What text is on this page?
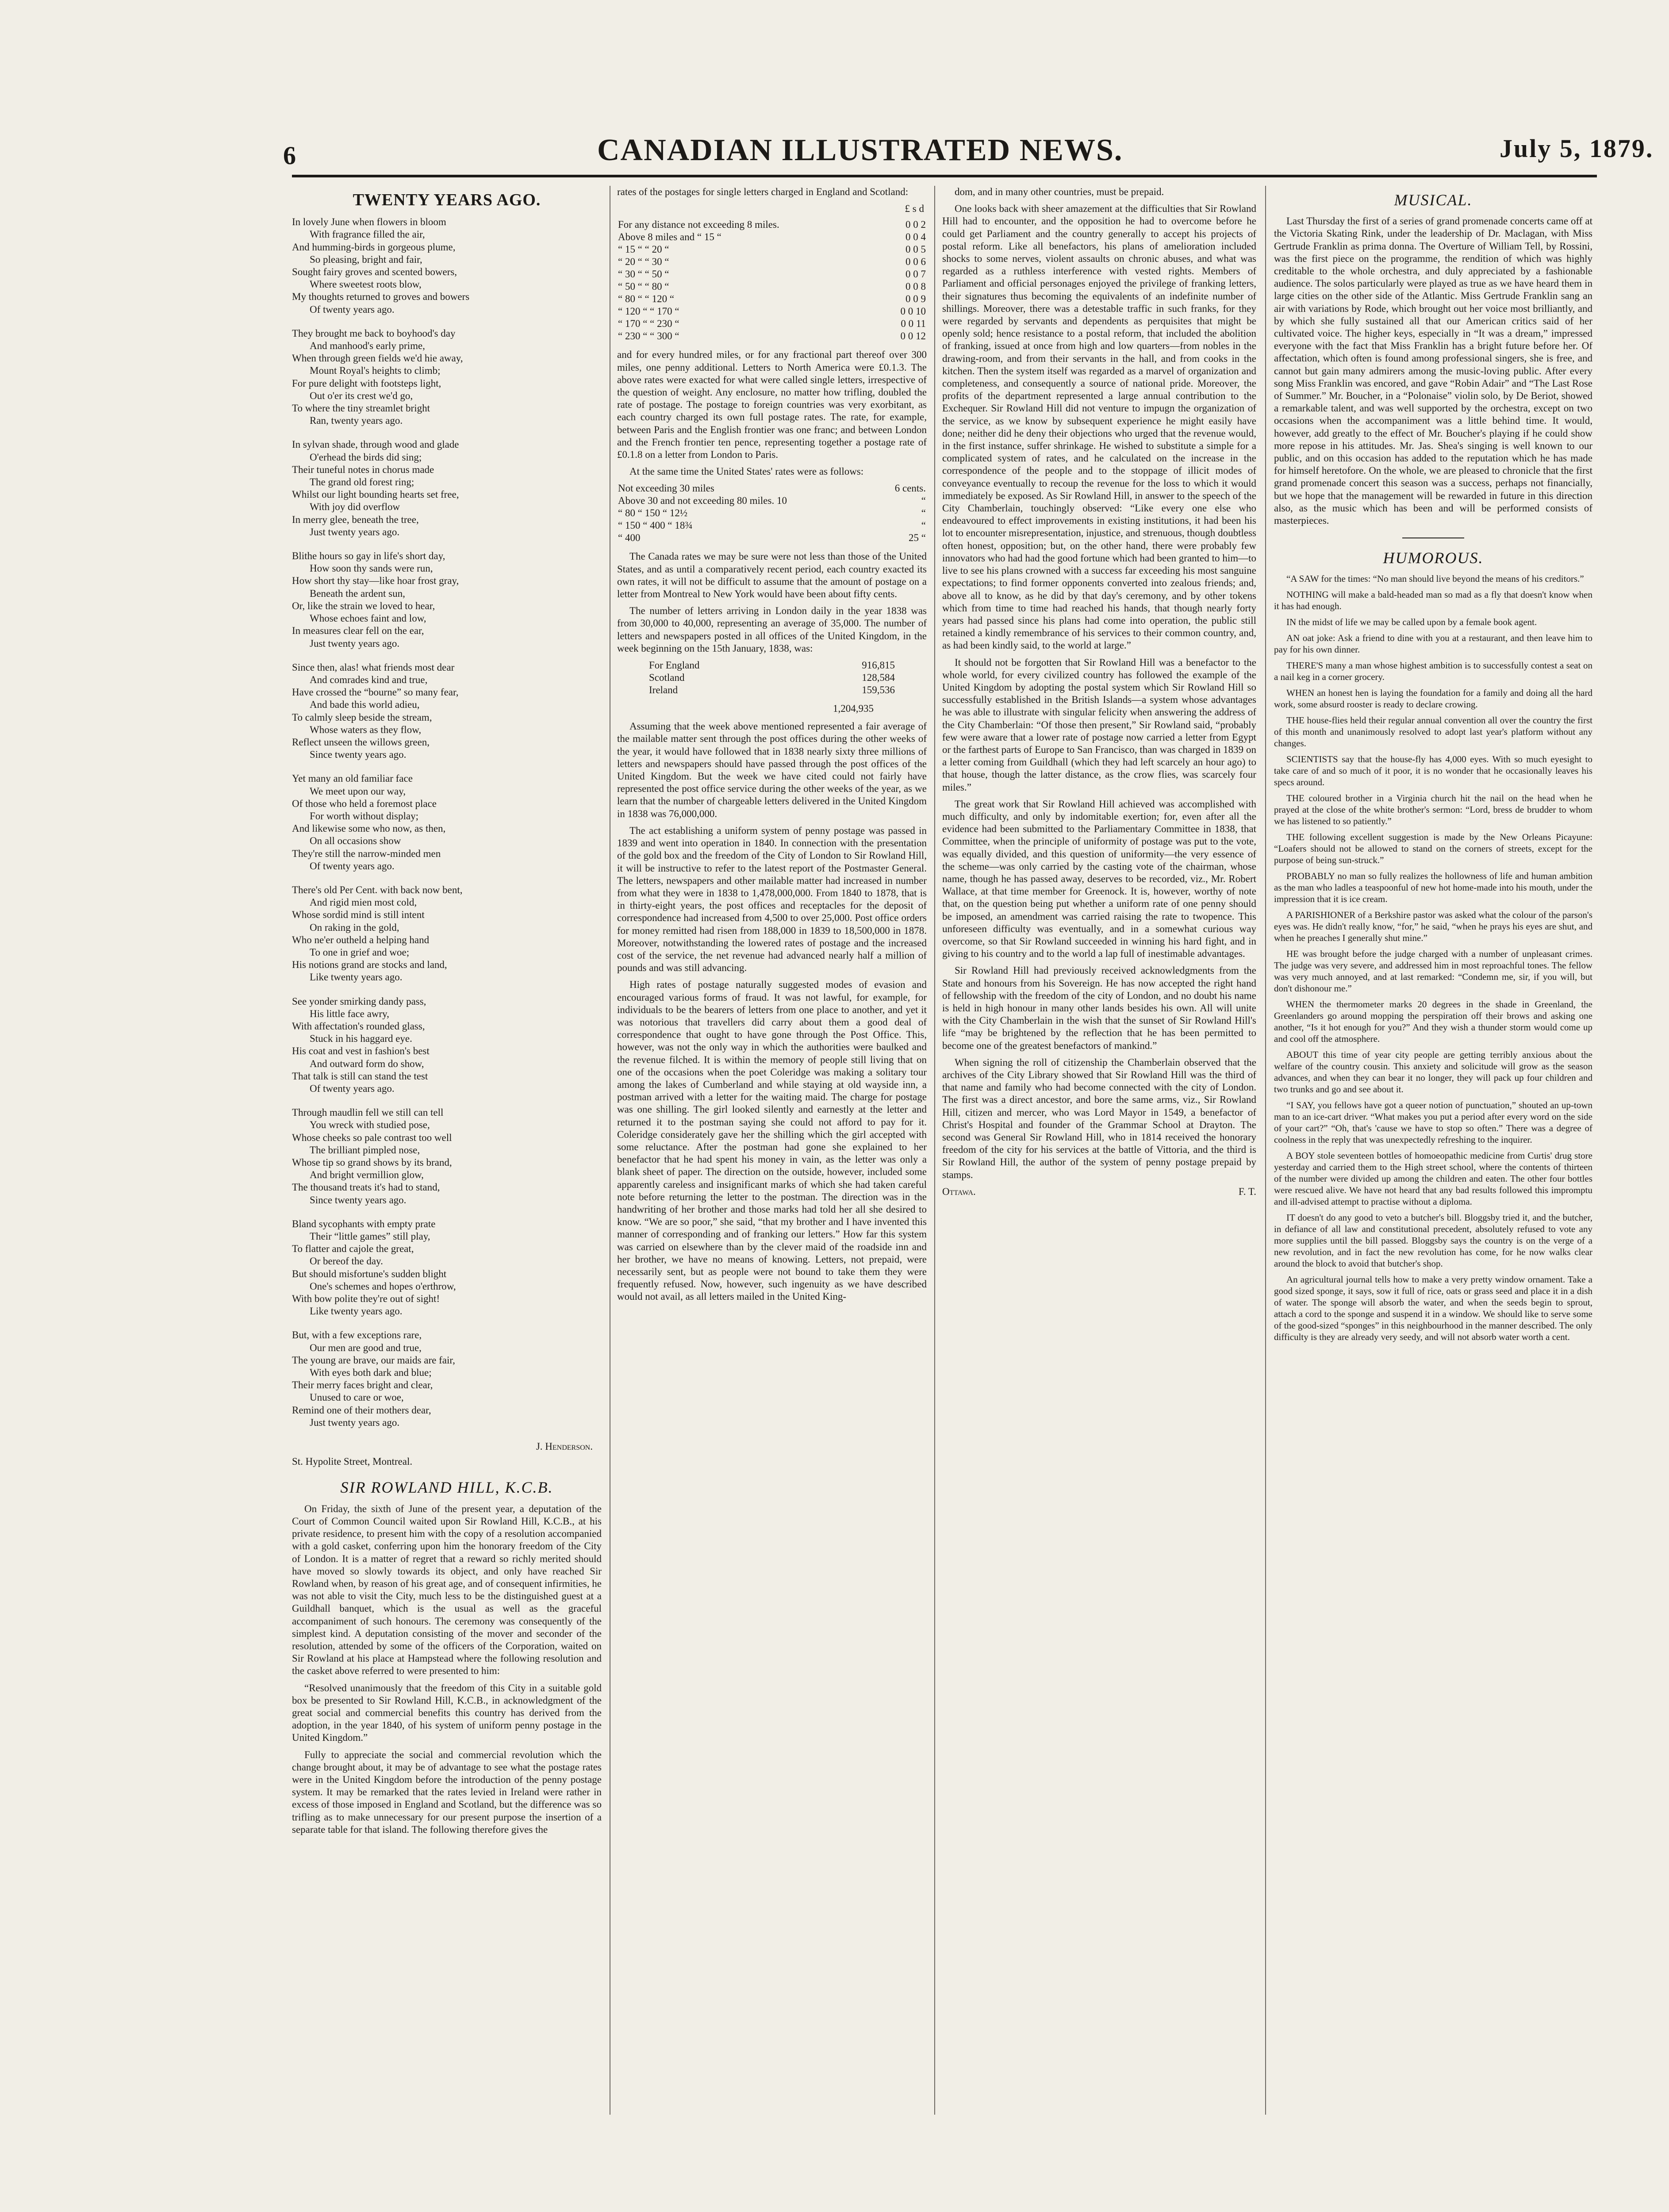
6	CANADIAN ILLUSTRATED NEWS.	July 5, 1879.
TWENTY YEARS AGO.
In lovely June when flowers in bloom
With fragrance filled the air,
And humming-birds in gorgeous plume,
So pleasing, bright and fair,
Sought fairy groves and scented bowers,
Where sweetest roots blow,
My thoughts returned to groves and bowers
Of twenty years ago.
They brought me back to boyhood's day
And manhood's early prime,
When through green fields we'd hie away,
Mount Royal's heights to climb;
For pure delight with footsteps light,
Out o'er its crest we'd go,
To where the tiny streamlet bright
Ran, twenty years ago.
In sylvan shade, through wood and glade
O'erhead the birds did sing;
Their tuneful notes in chorus made
The grand old forest ring;
Whilst our light bounding hearts set free,
With joy did overflow
In merry glee, beneath the tree,
Just twenty years ago.
Blithe hours so gay in life's short day,
How soon thy sands were run,
How short thy stay—like hoar frost gray,
Beneath the ardent sun,
Or, like the strain we loved to hear,
Whose echoes faint and low,
In measures clear fell on the ear,
Just twenty years ago.
Since then, alas! what friends most dear
And comrades kind and true,
Have crossed the “bourne” so many fear,
And bade this world adieu,
To calmly sleep beside the stream,
Whose waters as they flow,
Reflect unseen the willows green,
Since twenty years ago.
Yet many an old familiar face
We meet upon our way,
Of those who held a foremost place
For worth without display;
And likewise some who now, as then,
On all occasions show
They're still the narrow-minded men
Of twenty years ago.
There's old Per Cent. with back now bent,
And rigid mien most cold,
Whose sordid mind is still intent
On raking in the gold,
Who ne'er outheld a helping hand
To one in grief and woe;
His notions grand are stocks and land,
Like twenty years ago.
See yonder smirking dandy pass,
His little face awry,
With affectation's rounded glass,
Stuck in his haggard eye.
His coat and vest in fashion's best
And outward form do show,
That talk is still can stand the test
Of twenty years ago.
Through maudlin fell we still can tell
You wreck with studied pose,
Whose cheeks so pale contrast too well
The brilliant pimpled nose,
Whose tip so grand shows by its brand,
And bright vermillion glow,
The thousand treats it's had to stand,
Since twenty years ago.
Bland sycophants with empty prate
Their “little games” still play,
To flatter and cajole the great,
Or bereof the day.
But should misfortune's sudden blight
One's schemes and hopes o'erthrow,
With bow polite they're out of sight!
Like twenty years ago.
But, with a few exceptions rare,
Our men are good and true,
The young are brave, our maids are fair,
With eyes both dark and blue;
Their merry faces bright and clear,
Unused to care or woe,
Remind one of their mothers dear,
Just twenty years ago.
J. Henderson.
St. Hypolite Street, Montreal.
SIR ROWLAND HILL, K.C.B.

On Friday, the sixth of June of the present year, a deputation of the Court of Common Council waited upon Sir Rowland Hill, K.C.B., at his private residence, to present him with the copy of a resolution accompanied with a gold casket, conferring upon him the honorary freedom of the City of London. It is a matter of regret that a reward so richly merited should have moved so slowly towards its object, and only have reached Sir Rowland when, by reason of his great age, and of consequent infirmities, he was not able to visit the City, much less to be the distinguished guest at a Guildhall banquet, which is the usual as well as the graceful accompaniment of such honours. The ceremony was consequently of the simplest kind. A deputation consisting of the mover and seconder of the resolution, attended by some of the officers of the Corporation, waited on Sir Rowland at his place at Hampstead where the following resolution and the casket above referred to were presented to him:

“Resolved unanimously that the freedom of this City in a suitable gold box be presented to Sir Rowland Hill, K.C.B., in acknowledgment of the great social and commercial benefits this country has derived from the adoption, in the year 1840, of his system of uniform penny postage in the United Kingdom.”

Fully to appreciate the social and commercial revolution which the change brought about, it may be of advantage to see what the postage rates were in the United Kingdom before the introduction of the penny postage system. It may be remarked that the rates levied in Ireland were rather in excess of those imposed in England and Scotland, but the difference was so trifling as to make unnecessary for our present purpose the insertion of a separate table for that island. The following therefore gives the

rates of the postages for single letters charged in England and Scotland:

£ s d
For any distance not exceeding 8 miles.	0 0 2
Above 8 miles and “ 15 “	0 0 4
“ 15 “ “ 20 “	0 0 5
“ 20 “ “ 30 “	0 0 6
“ 30 “ “ 50 “	0 0 7
“ 50 “ “ 80 “	0 0 8
“ 80 “ “ 120 “	0 0 9
“ 120 “ “ 170 “	0 0 10
“ 170 “ “ 230 “	0 0 11
“ 230 “ “ 300 “	0 0 12

and for every hundred miles, or for any fractional part thereof over 300 miles, one penny additional. Letters to North America were £0.1.3. The above rates were exacted for what were called single letters, irrespective of the question of weight. Any enclosure, no matter how trifling, doubled the rate of postage. The postage to foreign countries was very exorbitant, as each country charged its own full postage rates. The rate, for example, between Paris and the English frontier was one franc; and between London and the French frontier ten pence, representing together a postage rate of £0.1.8 on a letter from London to Paris.

At the same time the United States' rates were as follows:

Not exceeding 30 miles	6 cents.
Above 30 and not exceeding 80 miles. 10	“
“ 80 “ 150 “ 12½	“
“ 150 “ 400 “ 18¾	“
“ 400	25 “

The Canada rates we may be sure were not less than those of the United States, and as until a comparatively recent period, each country exacted its own rates, it will not be difficult to assume that the amount of postage on a letter from Montreal to New York would have been about fifty cents.

The number of letters arriving in London daily in the year 1838 was from 30,000 to 40,000, representing an average of 35,000. The number of letters and newspapers posted in all offices of the United Kingdom, in the week beginning on the 15th January, 1838, was:

For England	916,815
Scotland	128,584
Ireland	159,536
1,204,935

Assuming that the week above mentioned represented a fair average of the mailable matter sent through the post offices during the other weeks of the year, it would have followed that in 1838 nearly sixty three millions of letters and newspapers should have passed through the post offices of the United Kingdom. But the week we have cited could not fairly have represented the post office service during the other weeks of the year, as we learn that the number of chargeable letters delivered in the United Kingdom in 1838 was 76,000,000.

The act establishing a uniform system of penny postage was passed in 1839 and went into operation in 1840. In connection with the presentation of the gold box and the freedom of the City of London to Sir Rowland Hill, it will be instructive to refer to the latest report of the Postmaster General. The letters, newspapers and other mailable matter had increased in number from what they were in 1838 to 1,478,000,000. From 1840 to 1878, that is in thirty-eight years, the post offices and receptacles for the deposit of correspondence had increased from 4,500 to over 25,000. Post office orders for money remitted had risen from 188,000 in 1839 to 18,500,000 in 1878. Moreover, notwithstanding the lowered rates of postage and the increased cost of the service, the net revenue had advanced nearly half a million of pounds and was still advancing.

High rates of postage naturally suggested modes of evasion and encouraged various forms of fraud. It was not lawful, for example, for individuals to be the bearers of letters from one place to another, and yet it was notorious that travellers did carry about them a good deal of correspondence that ought to have gone through the Post Office. This, however, was not the only way in which the authorities were baulked and the revenue filched. It is within the memory of people still living that on one of the occasions when the poet Coleridge was making a solitary tour among the lakes of Cumberland and while staying at old wayside inn, a postman arrived with a letter for the waiting maid. The charge for postage was one shilling. The girl looked silently and earnestly at the letter and returned it to the postman saying she could not afford to pay for it. Coleridge considerately gave her the shilling which the girl accepted with some reluctance. After the postman had gone she explained to her benefactor that he had spent his money in vain, as the letter was only a blank sheet of paper. The direction on the outside, however, included some apparently careless and insignificant marks of which she had taken careful note before returning the letter to the postman. The direction was in the handwriting of her brother and those marks had told her all she desired to know. “We are so poor,” she said, “that my brother and I have invented this manner of corresponding and of franking our letters.” How far this system was carried on elsewhere than by the clever maid of the roadside inn and her brother, we have no means of knowing. Letters, not prepaid, were necessarily sent, but as people were not bound to take them they were frequently refused. Now, however, such ingenuity as we have described would not avail, as all letters mailed in the United King-

dom, and in many other countries, must be prepaid.

One looks back with sheer amazement at the difficulties that Sir Rowland Hill had to encounter, and the opposition he had to overcome before he could get Parliament and the country generally to accept his projects of postal reform. Like all benefactors, his plans of amelioration included shocks to some nerves, violent assaults on chronic abuses, and what was regarded as a ruthless interference with vested rights. Members of Parliament and official personages enjoyed the privilege of franking letters, their signatures thus becoming the equivalents of an indefinite number of shillings. Moreover, there was a detestable traffic in such franks, for they were regarded by servants and dependents as perquisites that might be openly sold; hence resistance to a postal reform, that included the abolition of franking, issued at once from high and low quarters—from nobles in the drawing-room, and from their servants in the hall, and from cooks in the kitchen. Then the system itself was regarded as a marvel of organization and completeness, and consequently a source of national pride. Moreover, the profits of the department represented a large annual contribution to the Exchequer. Sir Rowland Hill did not venture to impugn the organization of the service, as we know by subsequent experience he might easily have done; neither did he deny their objections who urged that the revenue would, in the first instance, suffer shrinkage. He wished to substitute a simple for a complicated system of rates, and he calculated on the increase in the correspondence of the people and to the stoppage of illicit modes of conveyance eventually to recoup the revenue for the loss to which it would immediately be exposed. As Sir Rowland Hill, in answer to the speech of the City Chamberlain, touchingly observed: “Like every one else who endeavoured to effect improvements in existing institutions, it had been his lot to encounter misrepresentation, injustice, and strenuous, though doubtless often honest, opposition; but, on the other hand, there were probably few innovators who had had the good fortune which had been granted to him—to live to see his plans crowned with a success far exceeding his most sanguine expectations; to find former opponents converted into zealous friends; and, above all to know, as he did by that day's ceremony, and by other tokens which from time to time had reached his hands, that though nearly forty years had passed since his plans had come into operation, the public still retained a kindly remembrance of his services to their common country, and, as had been kindly said, to the world at large.”

It should not be forgotten that Sir Rowland Hill was a benefactor to the whole world, for every civilized country has followed the example of the United Kingdom by adopting the postal system which Sir Rowland Hill so successfully established in the British Islands—a system whose advantages he was able to illustrate with singular felicity when answering the address of the City Chamberlain: “Of those then present,” Sir Rowland said, “probably few were aware that a lower rate of postage now carried a letter from Egypt or the farthest parts of Europe to San Francisco, than was charged in 1839 on a letter coming from Guildhall (which they had left scarcely an hour ago) to that house, though the latter distance, as the crow flies, was scarcely four miles.”

The great work that Sir Rowland Hill achieved was accomplished with much difficulty, and only by indomitable exertion; for, even after all the evidence had been submitted to the Parliamentary Committee in 1838, that Committee, when the principle of uniformity of postage was put to the vote, was equally divided, and this question of uniformity—the very essence of the scheme—was only carried by the casting vote of the chairman, whose name, though he has passed away, deserves to be recorded, viz., Mr. Robert Wallace, at that time member for Greenock. It is, however, worthy of note that, on the question being put whether a uniform rate of one penny should be imposed, an amendment was carried raising the rate to twopence. This unforeseen difficulty was eventually, and in a somewhat curious way overcome, so that Sir Rowland succeeded in winning his hard fight, and in giving to his country and to the world a lap full of inestimable advantages.

Sir Rowland Hill had previously received acknowledgments from the State and honours from his Sovereign. He has now accepted the right hand of fellowship with the freedom of the city of London, and no doubt his name is held in high honour in many other lands besides his own. All will unite with the City Chamberlain in the wish that the sunset of Sir Rowland Hill's life “may be brightened by the reflection that he has been permitted to become one of the greatest benefactors of mankind.”

When signing the roll of citizenship the Chamberlain observed that the archives of the City Library showed that Sir Rowland Hill was the third of that name and family who had become connected with the city of London. The first was a direct ancestor, and bore the same arms, viz., Sir Rowland Hill, citizen and mercer, who was Lord Mayor in 1549, a benefactor of Christ's Hospital and founder of the Grammar School at Drayton. The second was General Sir Rowland Hill, who in 1814 received the honorary freedom of the city for his services at the battle of Vittoria, and the third is Sir Rowland Hill, the author of the system of penny postage prepaid by stamps.

Ottawa.	F. T.
MUSICAL.

Last Thursday the first of a series of grand promenade concerts came off at the Victoria Skating Rink, under the leadership of Dr. Maclagan, with Miss Gertrude Franklin as prima donna. The Overture of William Tell, by Rossini, was the first piece on the programme, the rendition of which was highly creditable to the whole orchestra, and duly appreciated by a fashionable audience. The solos particularly were played as true as we have heard them in large cities on the other side of the Atlantic. Miss Gertrude Franklin sang an air with variations by Rode, which brought out her voice most brilliantly, and by which she fully sustained all that our American critics said of her cultivated voice. The higher keys, especially in “It was a dream,” impressed everyone with the fact that Miss Franklin has a bright future before her. Of affectation, which often is found among professional singers, she is free, and cannot but gain many admirers among the music-loving public. After every song Miss Franklin was encored, and gave “Robin Adair” and “The Last Rose of Summer.” Mr. Boucher, in a “Polonaise” violin solo, by De Beriot, showed a remarkable talent, and was well supported by the orchestra, except on two occasions when the accompaniment was a little behind time. It would, however, add greatly to the effect of Mr. Boucher's playing if he could show more repose in his attitudes. Mr. Jas. Shea's singing is well known to our public, and on this occasion has added to the reputation which he has made for himself heretofore. On the whole, we are pleased to chronicle that the first grand promenade concert this season was a success, perhaps not financially, but we hope that the management will be rewarded in future in this direction also, as the music which has been and will be performed consists of masterpieces.

HUMOROUS.

“A SAW for the times: “No man should live beyond the means of his creditors.”

NOTHING will make a bald-headed man so mad as a fly that doesn't know when it has had enough.

IN the midst of life we may be called upon by a female book agent.

AN oat joke: Ask a friend to dine with you at a restaurant, and then leave him to pay for his own dinner.

THERE'S many a man whose highest ambition is to successfully contest a seat on a nail keg in a corner grocery.

WHEN an honest hen is laying the foundation for a family and doing all the hard work, some absurd rooster is ready to declare crowing.

THE house-flies held their regular annual convention all over the country the first of this month and unanimously resolved to adopt last year's platform without any changes.

SCIENTISTS say that the house-fly has 4,000 eyes. With so much eyesight to take care of and so much of it poor, it is no wonder that he occasionally leaves his specs around.

THE coloured brother in a Virginia church hit the nail on the head when he prayed at the close of the white brother's sermon: “Lord, bress de brudder to whom we has listened to so patiently.”

THE following excellent suggestion is made by the New Orleans Picayune: “Loafers should not be allowed to stand on the corners of streets, except for the purpose of being sun-struck.”

PROBABLY no man so fully realizes the hollowness of life and human ambition as the man who ladles a teaspoonful of new hot home-made into his mouth, under the impression that it is ice cream.

A PARISHIONER of a Berkshire pastor was asked what the colour of the parson's eyes was. He didn't really know, “for,” he said, “when he prays his eyes are shut, and when he preaches I generally shut mine.”

HE was brought before the judge charged with a number of unpleasant crimes. The judge was very severe, and addressed him in most reproachful tones. The fellow was very much annoyed, and at last remarked: “Condemn me, sir, if you will, but don't dishonour me.”

WHEN the thermometer marks 20 degrees in the shade in Greenland, the Greenlanders go around mopping the perspiration off their brows and asking one another, “Is it hot enough for you?” And they wish a thunder storm would come up and cool off the atmosphere.

ABOUT this time of year city people are getting terribly anxious about the welfare of the country cousin. This anxiety and solicitude will grow as the season advances, and when they can bear it no longer, they will pack up four children and two trunks and go and see about it.

“I SAY, you fellows have got a queer notion of punctuation,” shouted an up-town man to an ice-cart driver. “What makes you put a period after every word on the side of your cart?” “Oh, that's 'cause we have to stop so often.” There was a degree of coolness in the reply that was unexpectedly refreshing to the inquirer.

A BOY stole seventeen bottles of homoeopathic medicine from Curtis' drug store yesterday and carried them to the High street school, where the contents of thirteen of the number were divided up among the children and eaten. The other four bottles were rescued alive. We have not heard that any bad results followed this impromptu and ill-advised attempt to practise without a diploma.

IT doesn't do any good to veto a butcher's bill. Bloggsby tried it, and the butcher, in defiance of all law and constitutional precedent, absolutely refused to vote any more supplies until the bill passed. Bloggsby says the country is on the verge of a new revolution, and in fact the new revolution has come, for he now walks clear around the block to avoid that butcher's shop.

An agricultural journal tells how to make a very pretty window ornament. Take a good sized sponge, it says, sow it full of rice, oats or grass seed and place it in a dish of water. The sponge will absorb the water, and when the seeds begin to sprout, attach a cord to the sponge and suspend it in a window. We should like to serve some of the good-sized “sponges” in this neighbourhood in the manner described. The only difficulty is they are already very seedy, and will not absorb water worth a cent.
